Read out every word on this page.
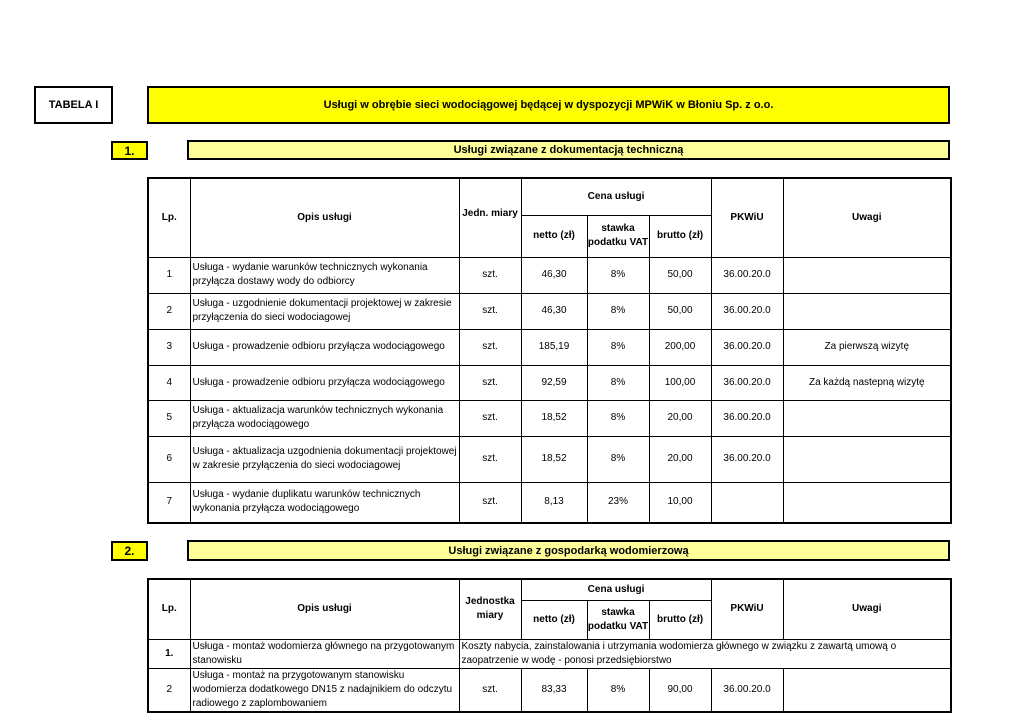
TABELA I	Usługi w obrębie sieci wodociągowej będącej w dyspozycji MPWiK w Błoniu Sp. z o.o.
1.	Usługi związane z dokumentacją techniczną
Lp.	Opis usługi	Jedn. miary	Cena usługi			PKWiU	Uwagi
			netto (zł)	stawka podatku VAT	brutto (zł)		
1	Usługa - wydanie warunków technicznych wykonania przyłącza dostawy wody do odbiorcy	szt.	46,30	8%	50,00	36.00.20.0	
2	Usługa - uzgodnienie dokumentacji projektowej w zakresie przyłączenia do sieci wodociagowej	szt.	46,30	8%	50,00	36.00.20.0	
3	Usługa - prowadzenie odbioru przyłącza wodociągowego	szt.	185,19	8%	200,00	36.00.20.0	Za pierwszą wizytę
4	Usługa - prowadzenie odbioru przyłącza wodociągowego	szt.	92,59	8%	100,00	36.00.20.0	Za każdą nastepną wizytę
5	Usługa - aktualizacja warunków technicznych wykonania przyłącza wodociągowego	szt.	18,52	8%	20,00	36.00.20.0	
6	Usługa - aktualizacja uzgodnienia dokumentacji projektowej w zakresie przyłączenia do sieci wodociagowej	szt.	18,52	8%	20,00	36.00.20.0	
7	Usługa - wydanie duplikatu warunków technicznych wykonania przyłącza wodociągowego	szt.	8,13	23%	10,00		
2.	Usługi związane z gospodarką wodomierzową
Lp.	Opis usługi	Jednostka miary	Cena usługi			PKWiU	Uwagi
			netto (zł)	stawka podatku VAT	brutto (zł)		
1.	Usługa - montaż wodomierza głównego na przygotowanym stanowisku	Koszty nabycia, zainstalowania i utrzymania wodomierza głównego w związku z zawartą umową o zaopatrzenie w wodę - ponosi przedsiębiorstwo					
2	Usługa - montaż na przygotowanym stanowisku wodomierza dodatkowego DN15 z nadajnikiem do odczytu radiowego z zaplombowaniem	szt.	83,33	8%	90,00	36.00.20.0	
